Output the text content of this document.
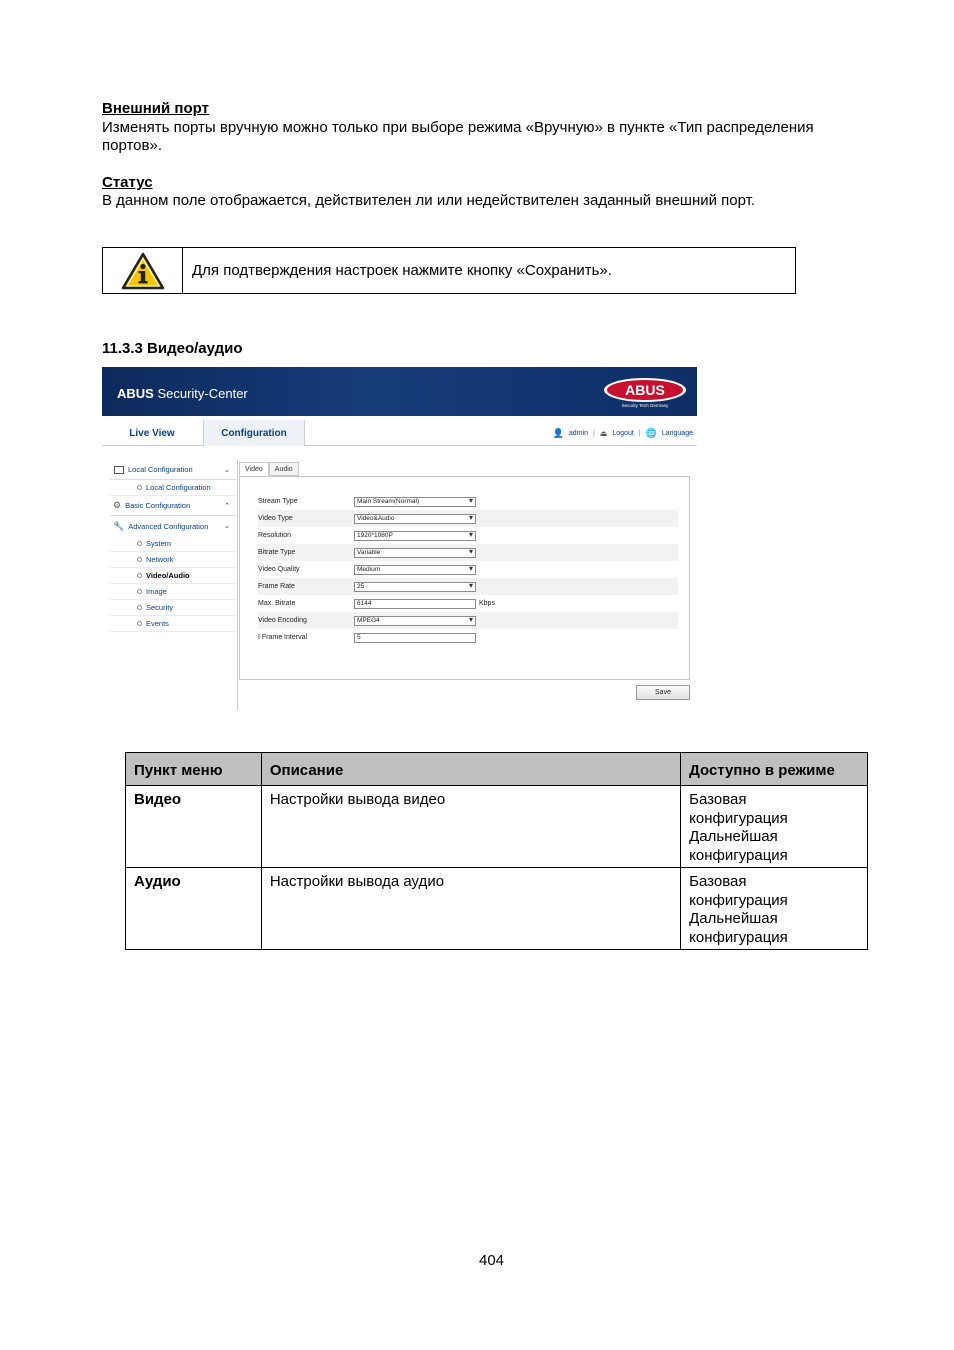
Внешний порт
Изменять порты вручную можно только при выборе режима «Вручную» в пункте «Тип распределения
портов».
Статус
В данном поле отображается, действителен ли или недействителен заданный внешний порт.
Для подтверждения настроек нажмите кнопку «Сохранить».
11.3.3 Видео/аудио
ABUS Security-Center	ABUS
Security Tech Germany
Live View	Configuration	👤 admin | ⏏ Logout | 🌐 Language
Local Configuration	⌄
Local Configuration
⚙ Basic Configuration	⌃
🔧 Advanced Configuration ⌄
System
Network
Video/Audio
Image
Security
Events
Video	Audio
Stream Type	Main Stream(Normal) ▾
Video Type	Video&Audio ▾
Resolution	1920*1080P ▾
Bitrate Type	Variable ▾
Video Quality	Medium ▾
Frame Rate	25 ▾
Max. Bitrate	6144	Kbps
Video Encoding	MPEG4 ▾
I Frame Interval	5
Save
Пункт меню	Описание	Доступно в режиме
Видео	Настройки вывода видео	Базовая
конфигурация
Дальнейшая
конфигурация

Аудио	Настройки вывода аудио	Базовая
конфигурация
Дальнейшая
конфигурация
404
